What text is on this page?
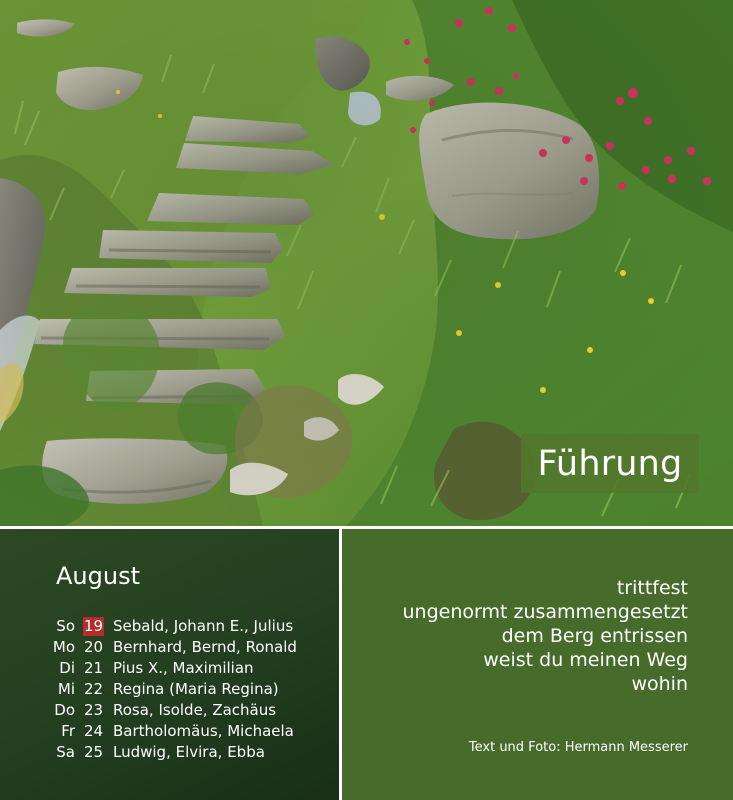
Führung
August
So 19 Sebald, Johann E., Julius
Mo 20 Bernhard, Bernd, Ronald
Di 21 Pius X., Maximilian
Mi 22 Regina (Maria Regina)
Do 23 Rosa, Isolde, Zachäus
Fr 24 Bartholomäus, Michaela
Sa 25 Ludwig, Elvira, Ebba
trittfest
ungenormt zusammengesetzt
dem Berg entrissen
weist du meinen Weg
wohin
Text und Foto: Hermann Messerer
